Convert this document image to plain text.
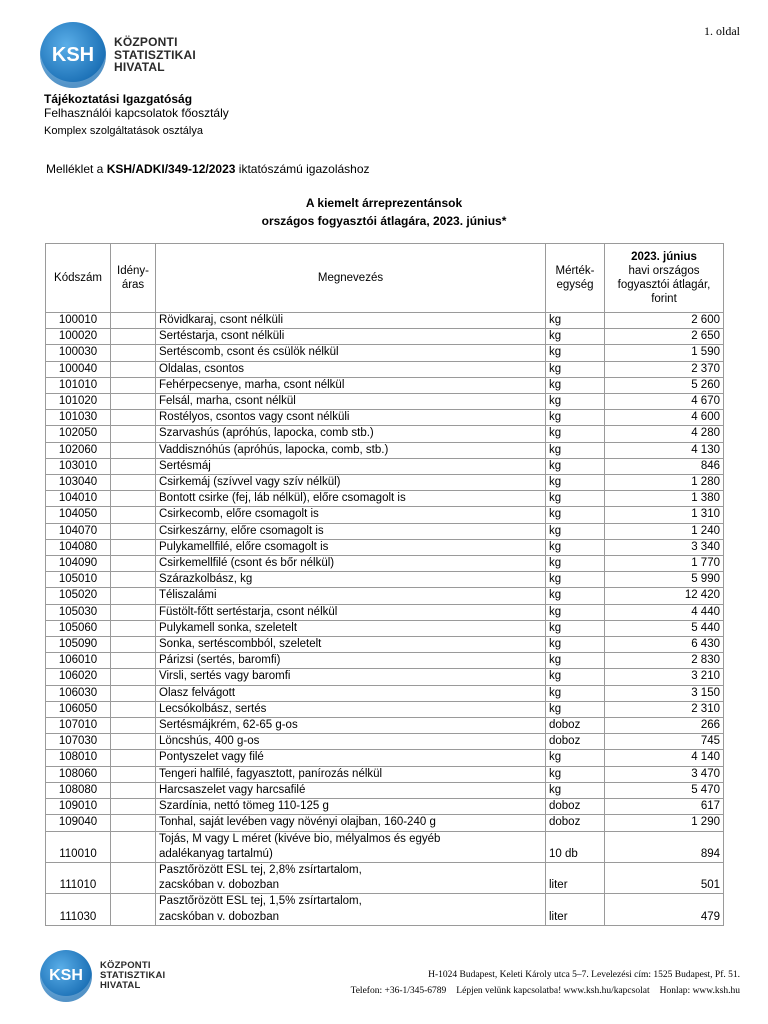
1. oldal
KSH
KÖZPONTI
STATISZTIKAI
HIVATAL
Tájékoztatási Igazgatóság
Felhasználói kapcsolatok főosztály
Komplex szolgáltatások osztálya
Melléklet a KSH/ADKI/349-12/2023 iktatószámú igazoláshoz
A kiemelt árreprezentánsok
országos fogyasztói átlagára, 2023. június*
Kódszám	Idény-áras	Megnevezés	Mérték-egység	2023. június
havi országos fogyasztói átlagár, forint

100010		Rövidkaraj, csont nélküli	kg	2 600
100020		Sertéstarja, csont nélküli	kg	2 650
100030		Sertéscomb, csont és csülök nélkül	kg	1 590
100040		Oldalas, csontos	kg	2 370
101010		Fehérpecsenye, marha, csont nélkül	kg	5 260
101020		Felsál, marha, csont nélkül	kg	4 670
101030		Rostélyos, csontos vagy csont nélküli	kg	4 600
102050		Szarvashús (apróhús, lapocka, comb stb.)	kg	4 280
102060		Vaddisznóhús (apróhús, lapocka, comb, stb.)	kg	4 130
103010		Sertésmáj	kg	846
103040		Csirkemáj (szívvel vagy szív nélkül)	kg	1 280
104010		Bontott csirke (fej, láb nélkül), előre csomagolt is	kg	1 380
104050		Csirkecomb, előre csomagolt is	kg	1 310
104070		Csirkeszárny, előre csomagolt is	kg	1 240
104080		Pulykamellfilé, előre csomagolt is	kg	3 340
104090		Csirkemellfilé (csont és bőr nélkül)	kg	1 770
105010		Szárazkolbász, kg	kg	5 990
105020		Téliszalámi	kg	12 420
105030		Füstölt-főtt sertéstarja, csont nélkül	kg	4 440
105060		Pulykamell sonka, szeletelt	kg	5 440
105090		Sonka, sertéscombból, szeletelt	kg	6 430
106010		Párizsi (sertés, baromfi)	kg	2 830
106020		Virsli, sertés vagy baromfi	kg	3 210
106030		Olasz felvágott	kg	3 150
106050		Lecsókolbász, sertés	kg	2 310
107010		Sertésmájkrém, 62-65 g-os	doboz	266
107030		Löncshús, 400 g-os	doboz	745
108010		Pontyszelet vagy filé	kg	4 140
108060		Tengeri halfilé, fagyasztott, panírozás nélkül	kg	3 470
108080		Harcsaszelet vagy harcsafilé	kg	5 470
109010		Szardínia, nettó tömeg 110-125 g	doboz	617
109040		Tonhal, saját levében vagy növényi olajban, 160-240 g	doboz	1 290
110010		Tojás, M vagy L méret (kivéve bio, mélyalmos és egyéb
adalékanyag tartalmú)	10 db	894
111010		Pasztőrözött ESL tej, 2,8% zsírtartalom,
zacskóban v. dobozban	liter	501
111030		Pasztőrözött ESL tej, 1,5% zsírtartalom,
zacskóban v. dobozban	liter	479
KSH
KÖZPONTI
STATISZTIKAI
HIVATAL
H-1024 Budapest, Keleti Károly utca 5–7. Levelezési cím: 1525 Budapest, Pf. 51.
Telefon: +36-1/345-6789 Lépjen velünk kapcsolatba! www.ksh.hu/kapcsolat Honlap: www.ksh.hu
